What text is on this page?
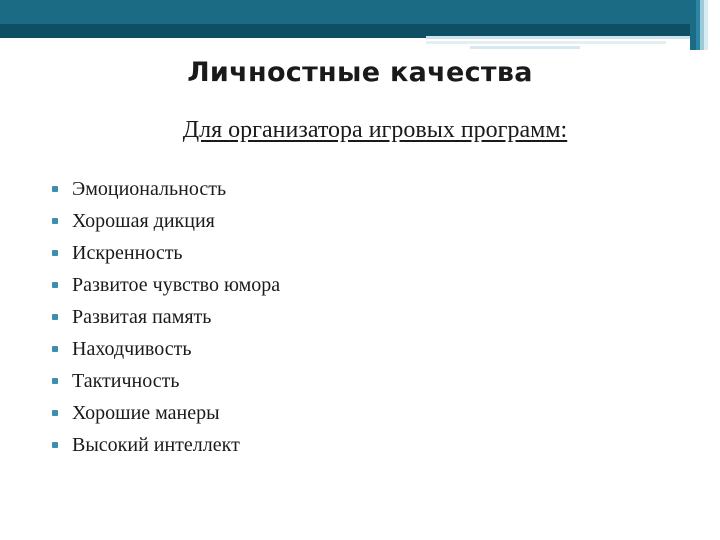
Личностные качества
Для организатора игровых программ:
Эмоциональность
Хорошая дикция
Искренность
Развитое чувство юмора
Развитая память
Находчивость
Тактичность
Хорошие манеры
Высокий интеллект
